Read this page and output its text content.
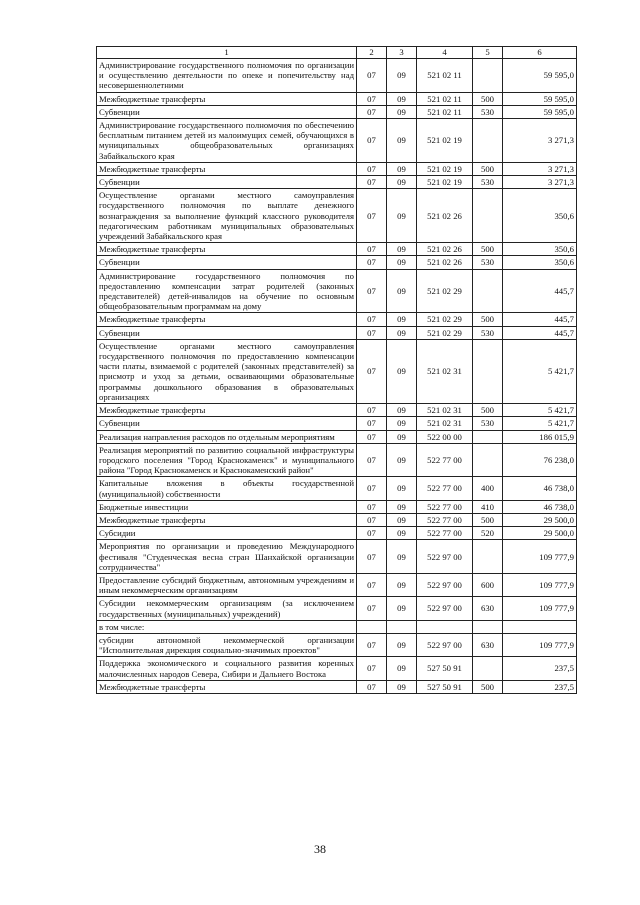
1	2	3	4	5	6
Администрирование государственного полномочия по организации и осуществлению деятельности по опеке и попечительству над несовершеннолетними	07	09	521 02 11		59 595,0
Межбюджетные трансферты	07	09	521 02 11	500	59 595,0
Субвенции	07	09	521 02 11	530	59 595,0
Администрирование государственного полномочия по обеспечению бесплатным питанием детей из малоимущих семей, обучающихся в муниципальных общеобразовательных организациях Забайкальского края	07	09	521 02 19		3 271,3
Межбюджетные трансферты	07	09	521 02 19	500	3 271,3
Субвенции	07	09	521 02 19	530	3 271,3
Осуществление органами местного самоуправления государственного полномочия по выплате денежного вознаграждения за выполнение функций классного руководителя педагогическим работникам муниципальных образовательных учреждений Забайкальского края	07	09	521 02 26		350,6
Межбюджетные трансферты	07	09	521 02 26	500	350,6
Субвенции	07	09	521 02 26	530	350,6
Администрирование государственного полномочия по предоставлению компенсации затрат родителей (законных представителей) детей-инвалидов на обучение по основным общеобразовательным программам на дому	07	09	521 02 29		445,7
Межбюджетные трансферты	07	09	521 02 29	500	445,7
Субвенции	07	09	521 02 29	530	445,7
Осуществление органами местного самоуправления государственного полномочия по предоставлению компенсации части платы, взимаемой с родителей (законных представителей) за присмотр и уход за детьми, осваивающими образовательные программы дошкольного образования в образовательных организациях	07	09	521 02 31		5 421,7
Межбюджетные трансферты	07	09	521 02 31	500	5 421,7
Субвенции	07	09	521 02 31	530	5 421,7
Реализация направления расходов по отдельным мероприятиям	07	09	522 00 00		186 015,9
Реализация мероприятий по развитию социальной инфраструктуры городского поселения "Город Краснокаменск" и муниципального района "Город Краснокаменск и Краснокаменский район"	07	09	522 77 00		76 238,0
Капитальные вложения в объекты государственной (муниципальной) собственности	07	09	522 77 00	400	46 738,0
Бюджетные инвестиции	07	09	522 77 00	410	46 738,0
Межбюджетные трансферты	07	09	522 77 00	500	29 500,0
Субсидии	07	09	522 77 00	520	29 500,0
Мероприятия по организации и проведению Международного фестиваля "Студенческая весна стран Шанхайской организации сотрудничества"	07	09	522 97 00		109 777,9
Предоставление субсидий бюджетным, автономным учреждениям и иным некоммерческим организациям	07	09	522 97 00	600	109 777,9
Субсидии некоммерческим организациям (за исключением государственных (муниципальных) учреждений)	07	09	522 97 00	630	109 777,9
в том числе:					
субсидии автономной некоммерческой организации "Исполнительная дирекция социально-значимых проектов"	07	09	522 97 00	630	109 777,9
Поддержка экономического и социального развития коренных малочисленных народов Севера, Сибири и Дальнего Востока	07	09	527 50 91		237,5
Межбюджетные трансферты	07	09	527 50 91	500	237,5
38
